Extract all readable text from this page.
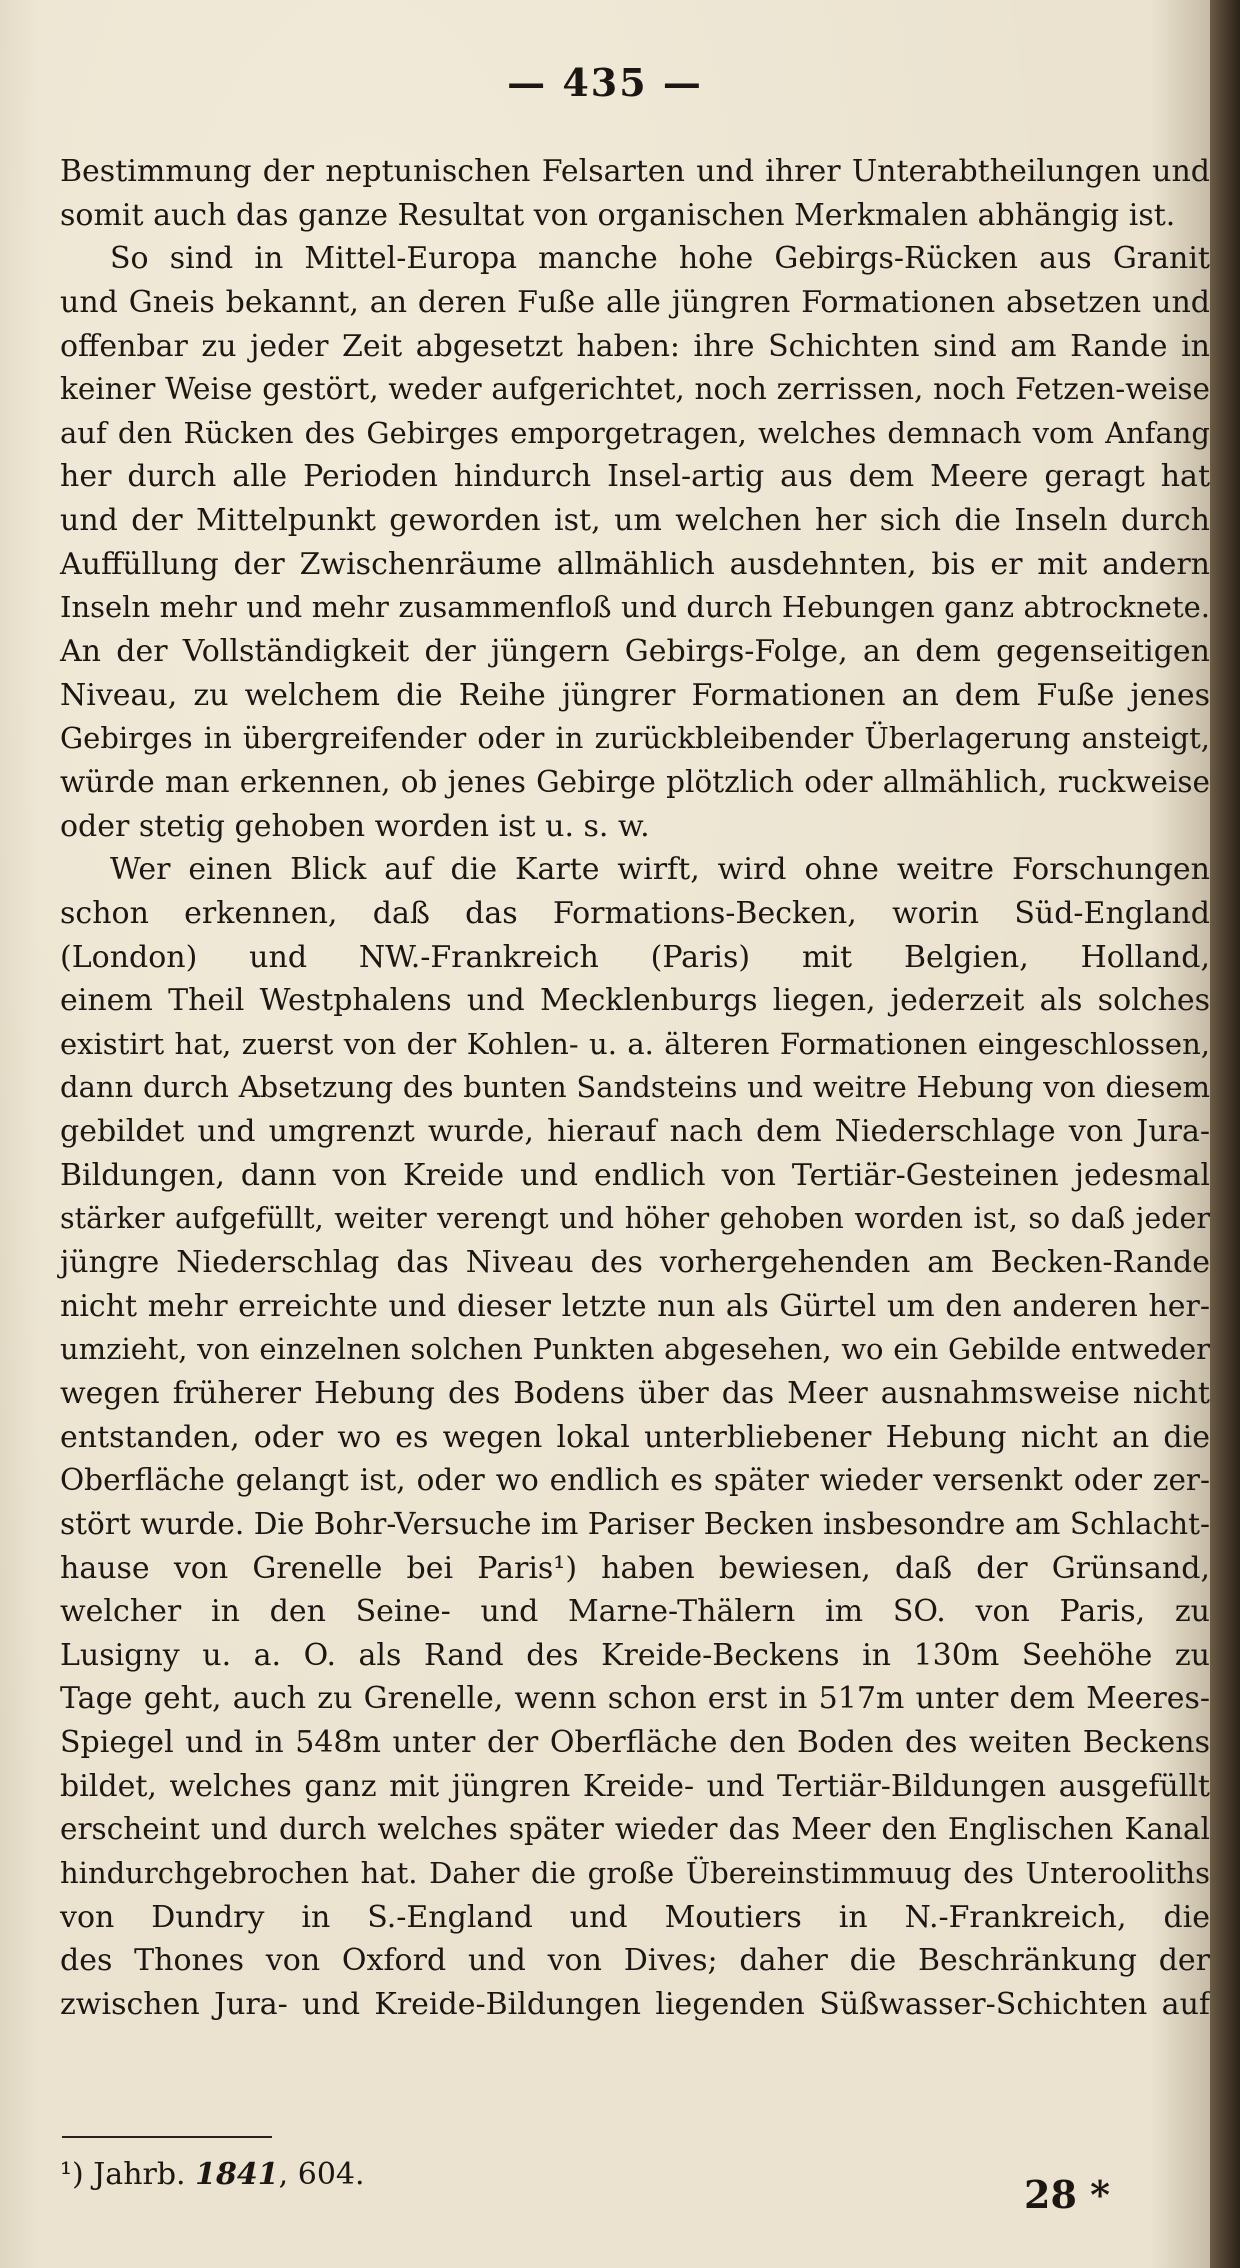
— 435 —
Bestimmung der neptunischen Felsarten und ihrer Unterabtheilungen und
somit auch das ganze Resultat von organischen Merkmalen abhängig ist.
So sind in Mittel-Europa manche hohe Gebirgs-Rücken aus Granit
und Gneis bekannt, an deren Fuße alle jüngren Formationen absetzen und
offenbar zu jeder Zeit abgesetzt haben: ihre Schichten sind am Rande in
keiner Weise gestört, weder aufgerichtet, noch zerrissen, noch Fetzen-weise
auf den Rücken des Gebirges emporgetragen, welches demnach vom Anfang
her durch alle Perioden hindurch Insel-artig aus dem Meere geragt hat
und der Mittelpunkt geworden ist, um welchen her sich die Inseln durch
Auffüllung der Zwischenräume allmählich ausdehnten, bis er mit andern
Inseln mehr und mehr zusammenfloß und durch Hebungen ganz abtrocknete.
An der Vollständigkeit der jüngern Gebirgs-Folge, an dem gegenseitigen
Niveau, zu welchem die Reihe jüngrer Formationen an dem Fuße jenes
Gebirges in übergreifender oder in zurückbleibender Überlagerung ansteigt,
würde man erkennen, ob jenes Gebirge plötzlich oder allmählich, ruckweise
oder stetig gehoben worden ist u. s. w.
Wer einen Blick auf die Karte wirft, wird ohne weitre Forschungen
schon erkennen, daß das Formations-Becken, worin Süd-England
(London) und NW.-Frankreich (Paris) mit Belgien, Holland,
einem Theil Westphalens und Mecklenburgs liegen, jederzeit als solches
existirt hat, zuerst von der Kohlen- u. a. älteren Formationen eingeschlossen,
dann durch Absetzung des bunten Sandsteins und weitre Hebung von diesem
gebildet und umgrenzt wurde, hierauf nach dem Niederschlage von Jura-
Bildungen, dann von Kreide und endlich von Tertiär-Gesteinen jedesmal
stärker aufgefüllt, weiter verengt und höher gehoben worden ist, so daß jeder
jüngre Niederschlag das Niveau des vorhergehenden am Becken-Rande
nicht mehr erreichte und dieser letzte nun als Gürtel um den anderen her-
umzieht, von einzelnen solchen Punkten abgesehen, wo ein Gebilde entweder
wegen früherer Hebung des Bodens über das Meer ausnahmsweise nicht
entstanden, oder wo es wegen lokal unterbliebener Hebung nicht an die
Oberfläche gelangt ist, oder wo endlich es später wieder versenkt oder zer-
stört wurde. Die Bohr-Versuche im Pariser Becken insbesondre am Schlacht-
hause von Grenelle bei Paris¹) haben bewiesen, daß der Grünsand,
welcher in den Seine- und Marne-Thälern im SO. von Paris, zu
Lusigny u. a. O. als Rand des Kreide-Beckens in 130m Seehöhe zu
Tage geht, auch zu Grenelle, wenn schon erst in 517m unter dem Meeres-
Spiegel und in 548m unter der Oberfläche den Boden des weiten Beckens
bildet, welches ganz mit jüngren Kreide- und Tertiär-Bildungen ausgefüllt
erscheint und durch welches später wieder das Meer den Englischen Kanal
hindurchgebrochen hat. Daher die große Übereinstimmuug des Unterooliths
von Dundry in S.-England und Moutiers in N.-Frankreich, die
des Thones von Oxford und von Dives; daher die Beschränkung der
zwischen Jura- und Kreide-Bildungen liegenden Süßwasser-Schichten auf
¹) Jahrb. 1841, 604.	28 *
